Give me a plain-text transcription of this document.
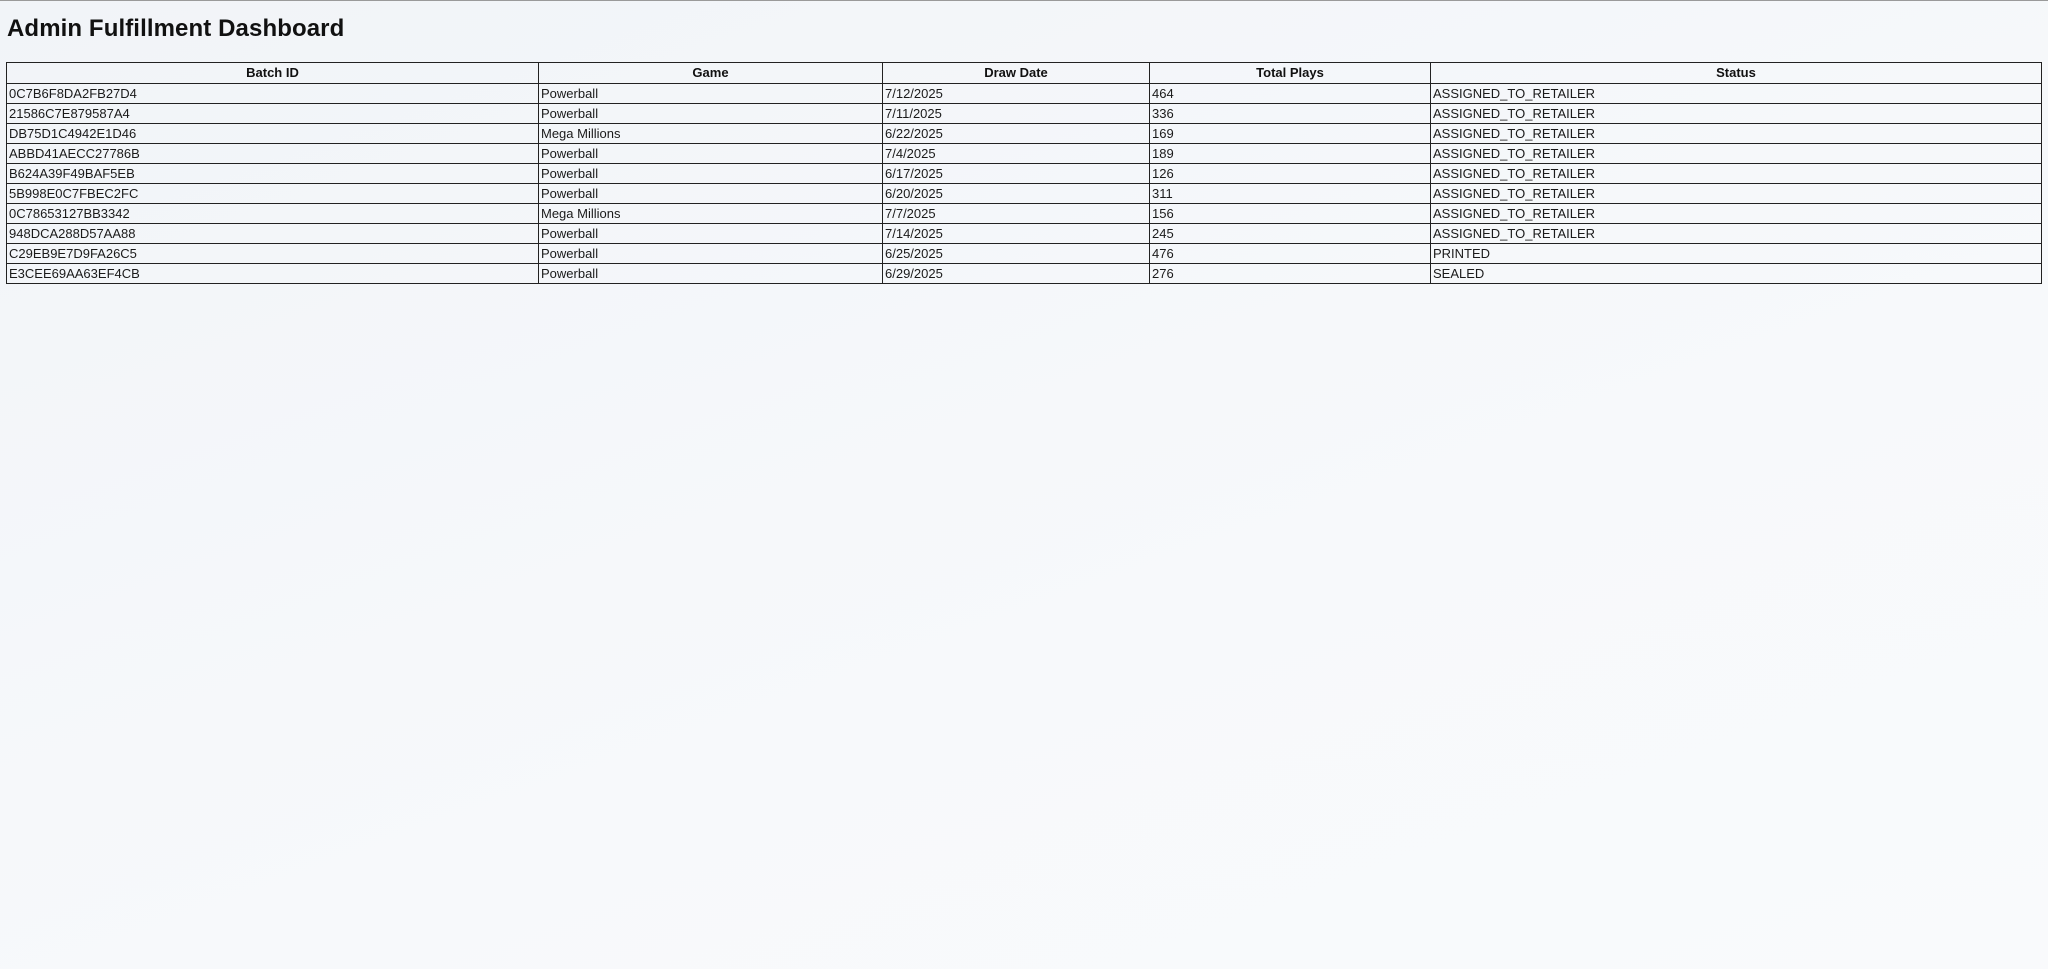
Admin Fulfillment Dashboard
Batch ID	Game	Draw Date	Total Plays	Status
0C7B6F8DA2FB27D4	Powerball	7/12/2025	464	ASSIGNED_TO_RETAILER
21586C7E879587A4	Powerball	7/11/2025	336	ASSIGNED_TO_RETAILER
DB75D1C4942E1D46	Mega Millions	6/22/2025	169	ASSIGNED_TO_RETAILER
ABBD41AECC27786B	Powerball	7/4/2025	189	ASSIGNED_TO_RETAILER
B624A39F49BAF5EB	Powerball	6/17/2025	126	ASSIGNED_TO_RETAILER
5B998E0C7FBEC2FC	Powerball	6/20/2025	311	ASSIGNED_TO_RETAILER
0C78653127BB3342	Mega Millions	7/7/2025	156	ASSIGNED_TO_RETAILER
948DCA288D57AA88	Powerball	7/14/2025	245	ASSIGNED_TO_RETAILER
C29EB9E7D9FA26C5	Powerball	6/25/2025	476	PRINTED
E3CEE69AA63EF4CB	Powerball	6/29/2025	276	SEALED
